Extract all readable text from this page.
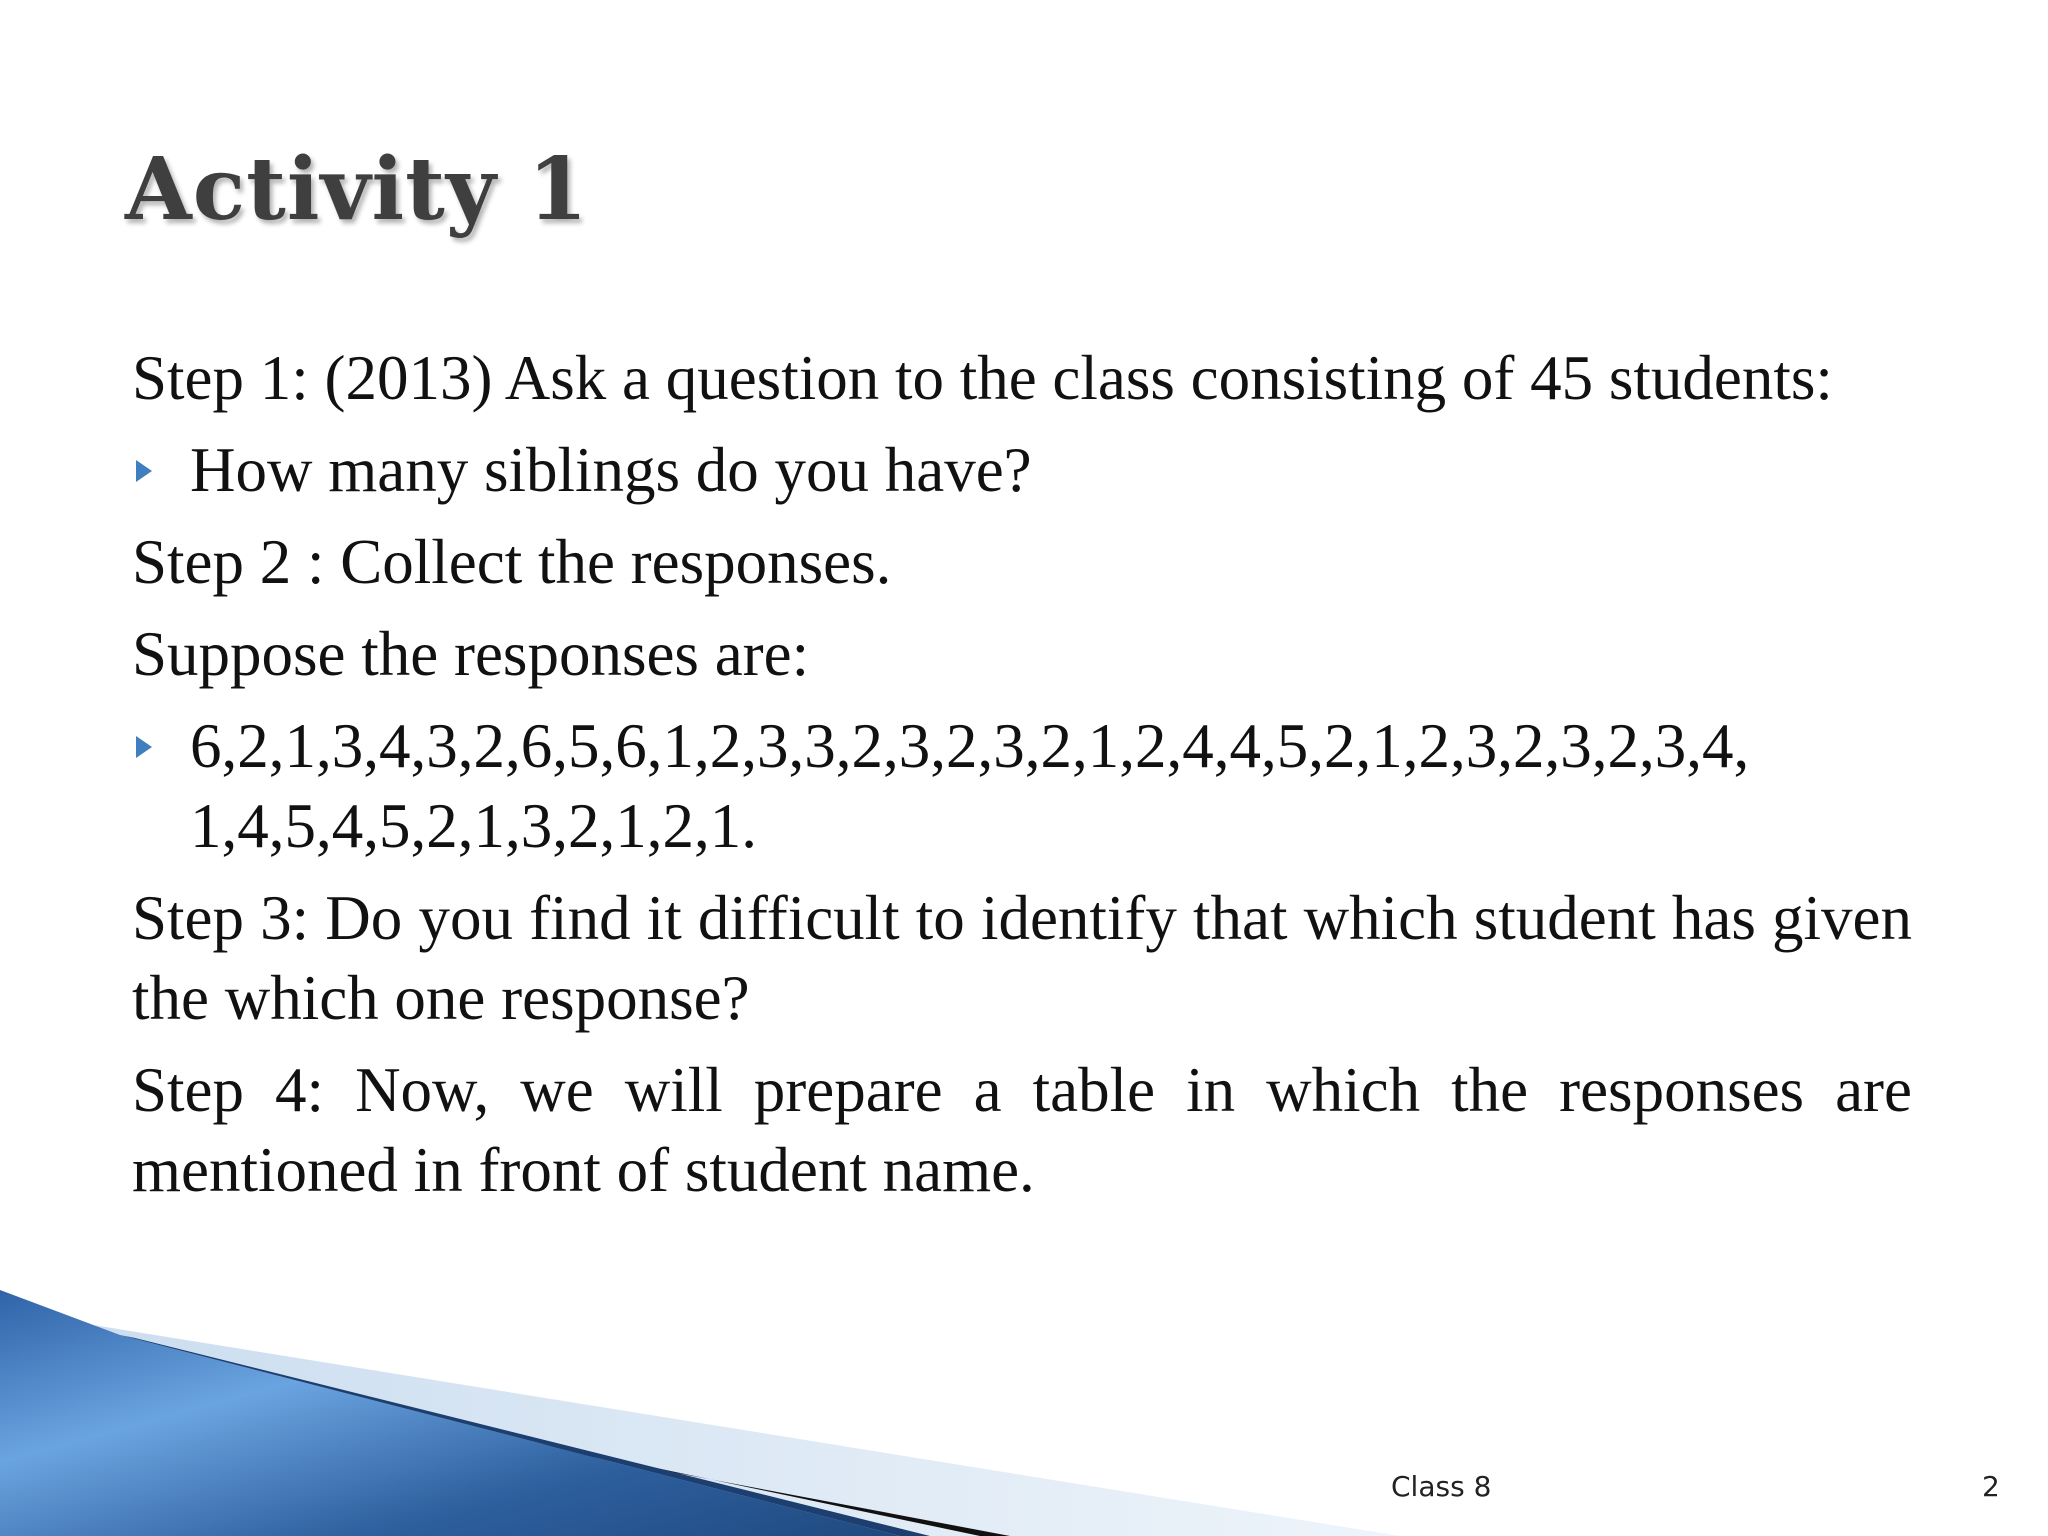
Activity 1

Step 1: (2013) Ask a question to the class consisting of 45 students:

How many siblings do you have?

Step 2 : Collect the responses.

Suppose the responses are:

6,2,1,3,4,3,2,6,5,6,1,2,3,3,2,3,2,3,2,1,2,4,4,5,2,1,2,3,2,3,2,3,4, 1,4,5,4,5,2,1,3,2,1,2,1.

Step 3: Do you find it difficult to identify that which student has given the which one response?

Step 4: Now, we will prepare a table in which the responses are mentioned in front of student name.

Class 8	2
